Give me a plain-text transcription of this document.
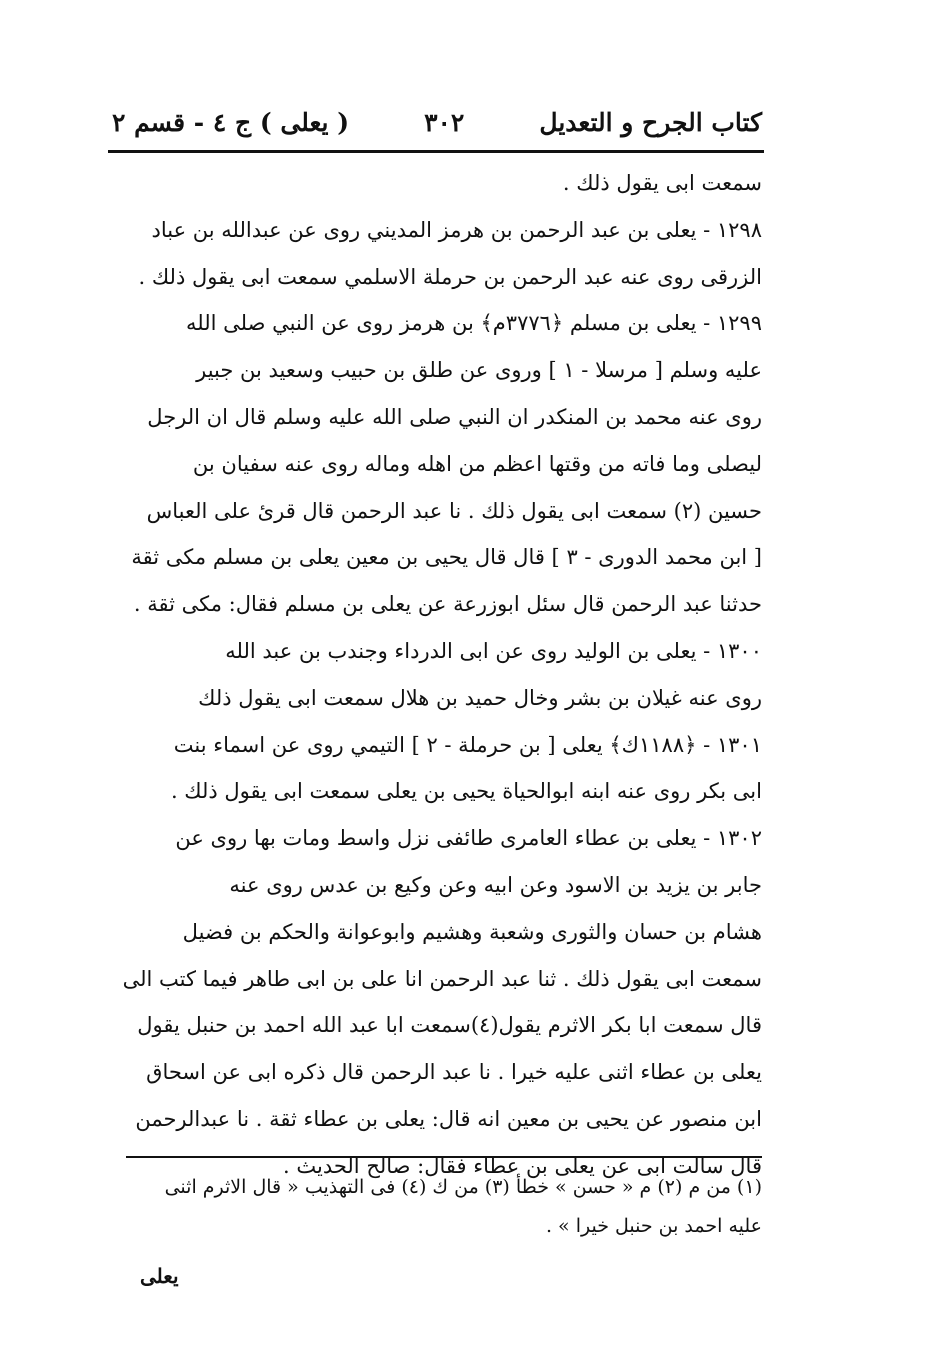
كتاب الجرح و التعديل
٣٠٢
( يعلى ) ج ٤ - قسم ٢
سمعت ابى يقول ذلك .
١٢٩٨ - يعلى بن عبد الرحمن بن هرمز المديني روى عن عبدالله بن عباد
الزرقى روى عنه عبد الرحمن بن حرملة الاسلمي سمعت ابى يقول ذلك .
١٢٩٩ - يعلى بن مسلم ﴿٣٧٧٦م﴾ بن هرمز روى عن النبي صلى الله
عليه وسلم [ مرسلا - ١ ] وروى عن طلق بن حبيب وسعيد بن جبير
روى عنه محمد بن المنكدر ان النبي صلى الله عليه وسلم قال ان الرجل
ليصلى وما فاته من وقتها اعظم من اهله وماله روى عنه سفيان بن
حسين (٢) سمعت ابى يقول ذلك . نا عبد الرحمن قال قرئ على العباس
[ ابن محمد الدورى - ٣ ] قال قال يحيى بن معين يعلى بن مسلم مكى ثقة
حدثنا عبد الرحمن قال سئل ابوزرعة عن يعلى بن مسلم فقال: مكى ثقة .
١٣٠٠ - يعلى بن الوليد روى عن ابى الدرداء وجندب بن عبد الله
روى عنه غيلان بن بشر وخال حميد بن هلال سمعت ابى يقول ذلك
١٣٠١ - ﴿١١٨٨ك﴾ يعلى [ بن حرملة - ٢ ] التيمي روى عن اسماء بنت
ابى بكر روى عنه ابنه ابوالحياة يحيى بن يعلى سمعت ابى يقول ذلك .
١٣٠٢ - يعلى بن عطاء العامرى طائفى نزل واسط ومات بها روى عن
جابر بن يزيد بن الاسود وعن ابيه وعن وكيع بن عدس روى عنه
هشام بن حسان والثورى وشعبة وهشيم وابوعوانة والحكم بن فضيل
سمعت ابى يقول ذلك . ثنا عبد الرحمن انا على بن ابى طاهر فيما كتب الى
قال سمعت ابا بكر الاثرم يقول(٤)سمعت ابا عبد الله احمد بن حنبل يقول
يعلى بن عطاء اثنى عليه خيرا . نا عبد الرحمن قال ذكره ابى عن اسحاق
ابن منصور عن يحيى بن معين انه قال: يعلى بن عطاء ثقة . نا عبدالرحمن
قال سالت ابى عن يعلى بن عطاء فقال: صالح الحديث .
(١) من م (٢) م « حسن » خطأ (٣) من ك (٤) فى التهذيب « قال الاثرم اثنى
عليه احمد بن حنبل خيرا » .
يعلى
